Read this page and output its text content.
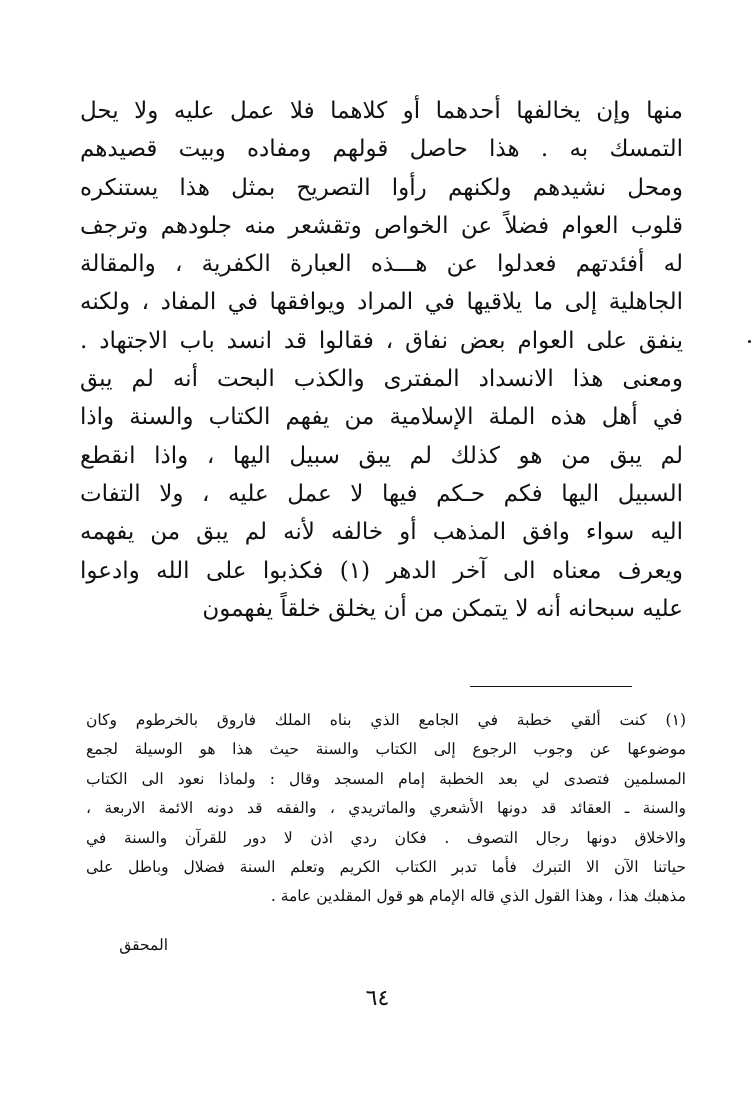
منها وإن يخالفها أحدهما أو كلاهما فلا عمل عليه ولا يحل
التمسك به . هذا حاصل قولهم ومفاده وبيت قصيدهم
ومحل نشيدهم ولكنهم رأوا التصريح بمثل هذا يستنكره
قلوب العوام فضلاً عن الخواص وتقشعر منه جلودهم وترجف
له أفئدتهم فعدلوا عن هـــذه العبارة الكفرية ، والمقالة
الجاهلية إلى ما يلاقيها في المراد ويوافقها في المفاد ، ولكنه
ينفق على العوام بعض نفاق ، فقالوا قد انسد باب الاجتهاد .
ومعنى هذا الانسداد المفترى والكذب البحت أنه لم يبق
في أهل هذه الملة الإسلامية من يفهم الكتاب والسنة واذا
لم يبق من هو كذلك لم يبق سبيل اليها ، واذا انقطع
السبيل اليها فكم حـكم فيها لا عمل عليه ، ولا التفات
اليه سواء وافق المذهب أو خالفه لأنه لم يبق من يفهمه
ويعرف معناه الى آخر الدهر (١) فكذبوا على الله وادعوا
عليه سبحانه أنه لا يتمكن من أن يخلق خلقاً يفهمون
(١) كنت ألقي خطبة في الجامع الذي بناه الملك فاروق بالخرطوم وكان
موضوعها عن وجوب الرجوع إلى الكتاب والسنة حيث هذا هو الوسيلة لجمع
المسلمين فتصدى لي بعد الخطبة إمام المسجد وقال : ولماذا نعود الى الكتاب
والسنة ـ العقائد قد دونها الأشعري والماتريدي ، والفقه قد دونه الائمة الاربعة ،
والاخلاق دونها رجال التصوف . فكان ردي اذن لا دور للقرآن والسنة في
حياتنا الآن الا التبرك فأما تدبر الكتاب الكريم وتعلم السنة فضلال وباطل على
مذهبك هذا ، وهذا القول الذي قاله الإمام هو قول المقلدين عامة .
المحقق
٦٤
